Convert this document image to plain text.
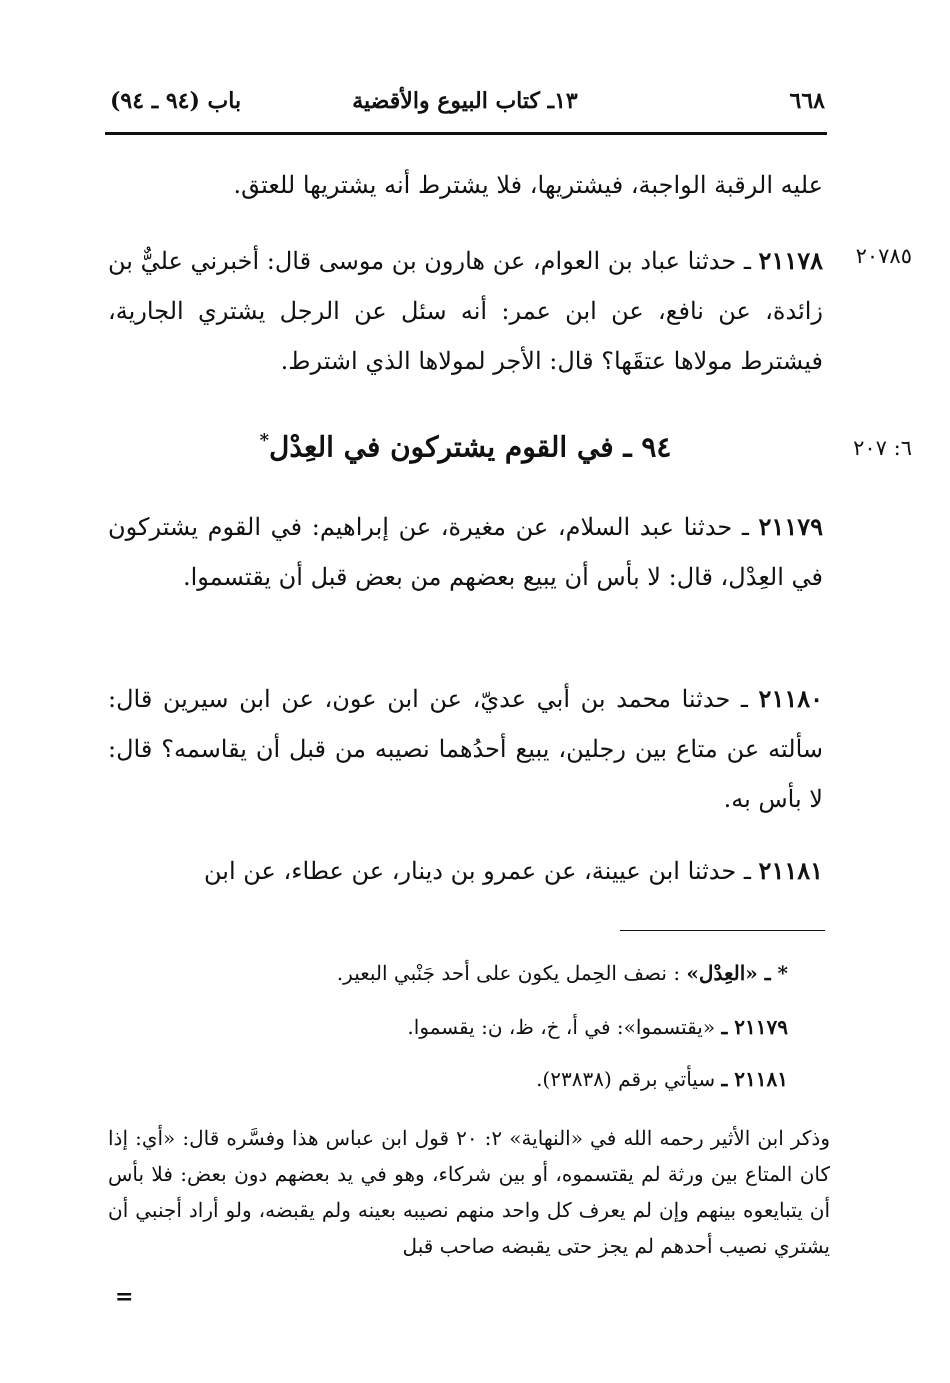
٦٦٨
١٣ـ كتاب البيوع والأقضية
باب (٩٤ ـ ٩٤)
عليه الرقبة الواجبة، فيشتريها، فلا يشترط أنه يشتريها للعتق.
٢٠٧٨٥
٢١١٧٨ ـ حدثنا عباد بن العوام، عن هارون بن موسى قال: أخبرني عليٌّ بن زائدة، عن نافع، عن ابن عمر: أنه سئل عن الرجل يشتري الجارية، فيشترط مولاها عتقَها؟ قال: الأجر لمولاها الذي اشترط.
٦: ٢٠٧
٩٤ ـ في القوم يشتركون في العِدْل*
٢١١٧٩ ـ حدثنا عبد السلام، عن مغيرة، عن إبراهيم: في القوم يشتركون في العِدْل، قال: لا بأس أن يبيع بعضهم من بعض قبل أن يقتسموا.
٢١١٨٠ ـ حدثنا محمد بن أبي عديّ، عن ابن عون، عن ابن سيرين قال: سألته عن متاع بين رجلين، يبيع أحدُهما نصيبه من قبل أن يقاسمه؟ قال: لا بأس به.
٢١١٨١ ـ حدثنا ابن عيينة، عن عمرو بن دينار، عن عطاء، عن ابن
* ـ «العِدْل» : نصف الحِمل يكون على أحد جَنْبي البعير.
٢١١٧٩ ـ «يقتسموا»: في أ، خ، ظ، ن: يقسموا.
٢١١٨١ ـ سيأتي برقم (٢٣٨٣٨).
وذكر ابن الأثير رحمه الله في «النهاية» ٢: ٢٠ قول ابن عباس هذا وفسَّره قال: «أي: إذا كان المتاع بين ورثة لم يقتسموه، أو بين شركاء، وهو في يد بعضهم دون بعض: فلا بأس أن يتبايعوه بينهم وإن لم يعرف كل واحد منهم نصيبه بعينه ولم يقبضه، ولو أراد أجنبي أن يشتري نصيب أحدهم لم يجز حتى يقبضه صاحب قبل
=
